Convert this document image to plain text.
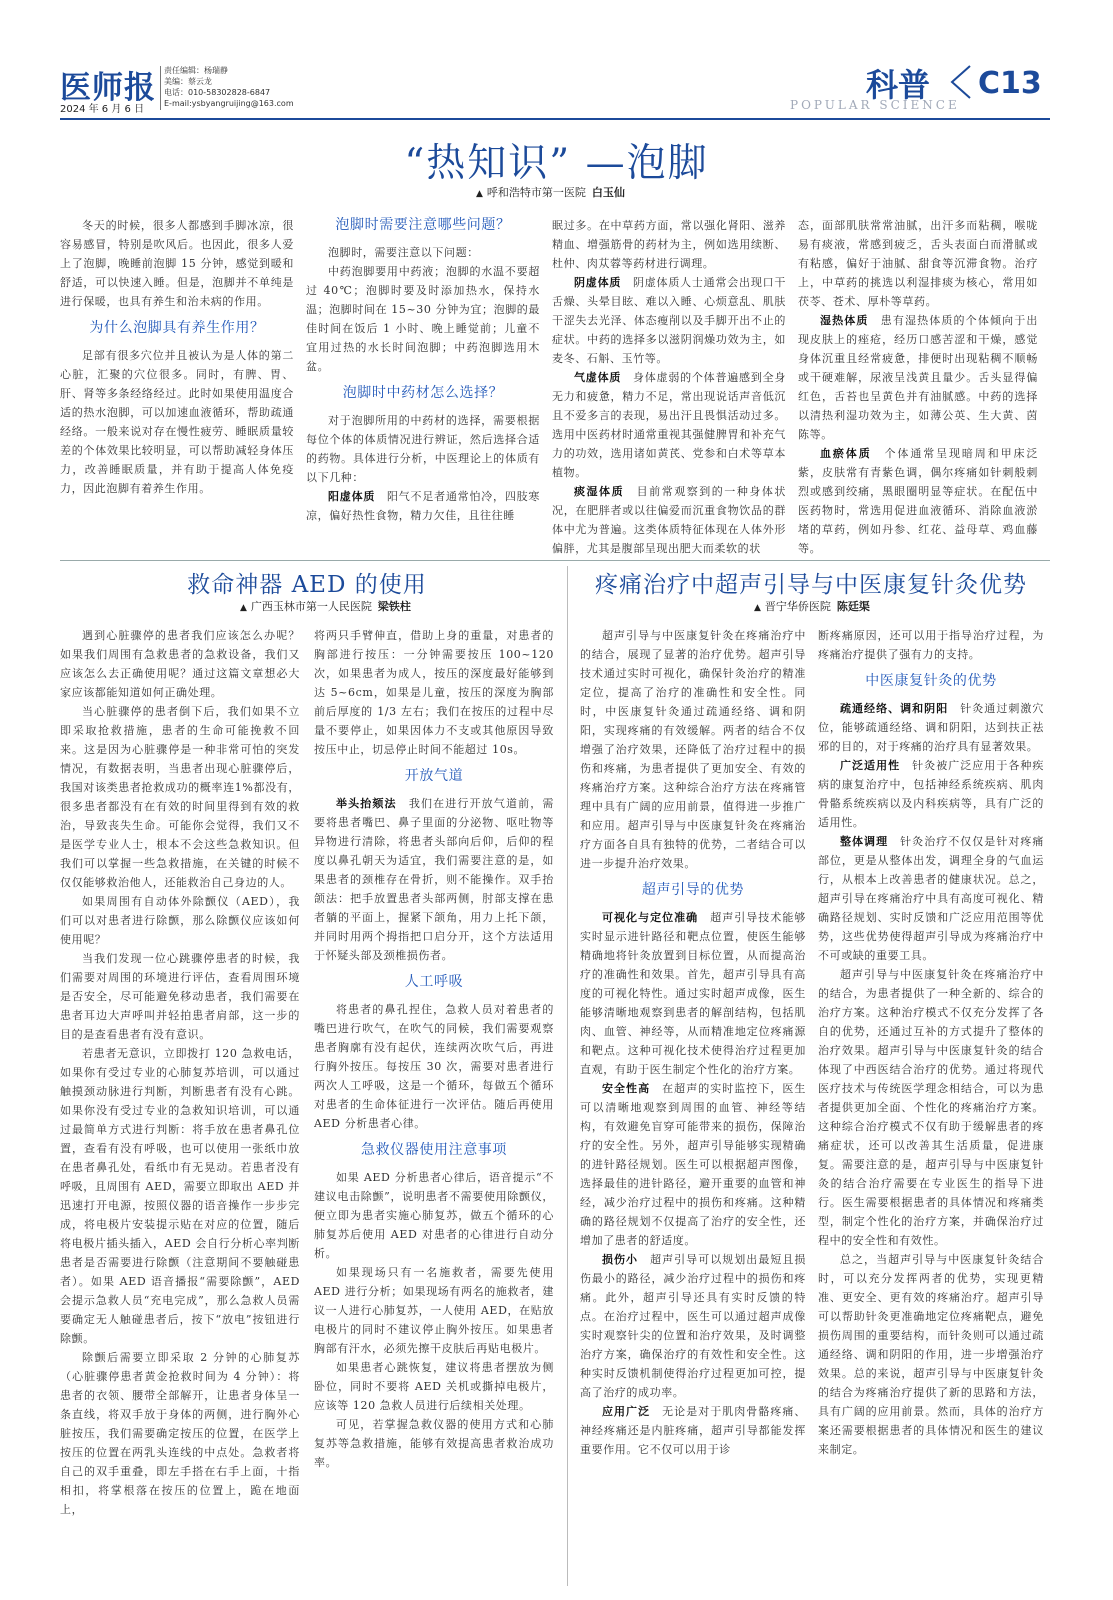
医师报
2024 年 6 月 6 日
责任编辑：杨瑞静
美编：蔡云龙
电话：010-58302828-6847
E-mail:ysbyangruijing@163.com	科普
POPULAR SCIENCE
C13
“热知识” —泡脚
▲ 呼和浩特市第一医院 白玉仙

冬天的时候，很多人都感到手脚冰凉，很容易感冒，特别是吹风后。也因此，很多人爱上了泡脚，晚睡前泡脚 15 分钟，感觉到暖和舒适，可以快速入睡。但是，泡脚并不单纯是进行保暖，也具有养生和治未病的作用。

为什么泡脚具有养生作用？

足部有很多穴位并且被认为是人体的第二心脏，汇聚的穴位很多。同时，有脾、胃、肝、肾等多条经络经过。此时如果使用温度合适的热水泡脚，可以加速血液循环，帮助疏通经络。一般来说对存在慢性疲劳、睡眠质量较差的个体效果比较明显，可以帮助减轻身体压力，改善睡眠质量，并有助于提高人体免疫力，因此泡脚有着养生作用。

泡脚时需要注意哪些问题？

泡脚时，需要注意以下问题：

中药泡脚要用中药液；泡脚的水温不要超过 40℃；泡脚时要及时添加热水，保持水温；泡脚时间在 15~30 分钟为宜；泡脚的最佳时间在饭后 1 小时、晚上睡觉前；儿童不宜用过热的水长时间泡脚；中药泡脚选用木盆。

泡脚时中药材怎么选择？

对于泡脚所用的中药材的选择，需要根据每位个体的体质情况进行辨证，然后选择合适的药物。具体进行分析，中医理论上的体质有以下几种：

阳虚体质　 阳气不足者通常怕冷，四肢寒凉，偏好热性食物，精力欠佳，且往往睡

眠过多。在中草药方面，常以强化肾阳、滋养精血、增强筋骨的药材为主，例如选用续断、杜仲、肉苁蓉等药材进行调理。

阴虚体质　 阴虚体质人士通常会出现口干舌燥、头晕目眩、难以入睡、心烦意乱、肌肤干涩失去光泽、体态瘦削以及手脚开出不止的症状。中药的选择多以滋阴润燥功效为主，如麦冬、石斛、玉竹等。

气虚体质　 身体虚弱的个体普遍感到全身无力和疲惫，精力不足，常出现说话声音低沉且不爱多言的表现，易出汗且畏惧活动过多。选用中医药材时通常重视其强健脾胃和补充气力的功效，选用诸如黄芪、党参和白术等草本植物。

痰湿体质　 目前常观察到的一种身体状况，在肥胖者或以往偏爱而沉重食物饮品的群体中尤为普遍。这类体质特征体现在人体外形偏胖，尤其是腹部呈现出肥大而柔软的状

态，面部肌肤常常油腻，出汗多而粘稠，喉咙易有痰液，常感到疲乏，舌头表面白而滑腻或有粘感，偏好于油腻、甜食等沉滞食物。治疗上，中草药的挑选以利湿排痰为核心，常用如茯苓、苍术、厚朴等草药。

湿热体质　 患有湿热体质的个体倾向于出现皮肤上的痤疮，经历口感苦涩和干燥，感觉身体沉重且经常疲惫，排便时出现粘稠不顺畅或干硬难解，尿液呈浅黄且量少。舌头显得偏红色，舌苔也呈黄色并有油腻感。中药的选择以清热利湿功效为主，如薄公英、生大黄、茵陈等。

血瘀体质　 个体通常呈现暗周和甲床泛紫，皮肤常有青紫色调，偶尔疼痛如针刺般刺烈或感到绞痛，黑眼圈明显等症状。在配伍中医药物时，常选用促进血液循环、消除血液淤堵的草药，例如丹参、红花、益母草、鸡血藤等。

救命神器 AED 的使用
▲ 广西玉林市第一人民医院 梁铁柱

遇到心脏骤停的患者我们应该怎么办呢？如果我们周围有急救患者的急救设备，我们又应该怎么去正确使用呢？通过这篇文章想必大家应该都能知道如何正确处理。

当心脏骤停的患者倒下后，我们如果不立即采取抢救措施，患者的生命可能挽救不回来。这是因为心脏骤停是一种非常可怕的突发情况，有数据表明，当患者出现心脏骤停后，我国对该类患者抢救成功的概率连1%都没有，很多患者都没有在有效的时间里得到有效的救治，导致丧失生命。可能你会觉得，我们又不是医学专业人士，根本不会这些急救知识。但我们可以掌握一些急救措施，在关键的时候不仅仅能够救治他人，还能救治自己身边的人。

如果周围有自动体外除颤仪（AED），我们可以对患者进行除颤，那么除颤仪应该如何使用呢？

当我们发现一位心跳骤停患者的时候，我们需要对周围的环境进行评估，查看周围环境是否安全，尽可能避免移动患者，我们需要在患者耳边大声呼叫并轻拍患者肩部，这一步的目的是查看患者有没有意识。

若患者无意识，立即拨打 120 急救电话，如果你有受过专业的心肺复苏培训，可以通过触摸颈动脉进行判断，判断患者有没有心跳。如果你没有受过专业的急救知识培训，可以通过最简单方式进行判断：将手放在患者鼻孔位置，查看有没有呼吸，也可以使用一张纸巾放在患者鼻孔处，看纸巾有无晃动。若患者没有呼吸，且周围有 AED，需要立即取出 AED 并迅速打开电源，按照仪器的语音操作一步步完成，将电极片安装提示贴在对应的位置，随后将电极片插头插入，AED 会自行分析心率判断患者是否需要进行除颤（注意期间不要触碰患者）。如果 AED 语音播报“需要除颤”，AED 会提示急救人员“充电完成”，那么急救人员需要确定无人触碰患者后，按下“放电”按钮进行除颤。

除颤后需要立即采取 2 分钟的心肺复苏（心脏骤停患者黄金抢救时间为 4 分钟）：将患者的衣领、腰带全部解开，让患者身体呈一条直线，将双手放于身体的两侧，进行胸外心脏按压，我们需要确定按压的位置，在医学上按压的位置在两乳头连线的中点处。急救者将自己的双手重叠，即左手搭在右手上面，十指相扣，将掌根落在按压的位置上，跪在地面上，

将两只手臂伸直，借助上身的重量，对患者的胸部进行按压：一分钟需要按压 100~120 次，如果患者为成人，按压的深度最好能够到达 5~6cm，如果是儿童，按压的深度为胸部前后厚度的 1/3 左右；我们在按压的过程中尽量不要停止，如果因体力不支或其他原因导致按压中止，切忌停止时间不能超过 10s。

开放气道

举头抬颏法　 我们在进行开放气道前，需要将患者嘴巴、鼻子里面的分泌物、呕吐物等异物进行清除，将患者头部向后仰，后仰的程度以鼻孔朝天为适宜，我们需要注意的是，如果患者的颈椎存在骨折，则不能操作。双手抬颌法：把手放置患者头部两侧，肘部支撑在患者躺的平面上，握紧下颌角，用力上托下颌，并同时用两个拇指把口启分开，这个方法适用于怀疑头部及颈椎损伤者。

人工呼吸

将患者的鼻孔捏住，急救人员对着患者的嘴巴进行吹气，在吹气的同候，我们需要观察患者胸廓有没有起伏，连续两次吹气后，再进行胸外按压。每按压 30 次，需要对患者进行两次人工呼吸，这是一个循环，每做五个循环对患者的生命体征进行一次评估。随后再使用 AED 分析患者心律。

急救仪器使用注意事项

如果 AED 分析患者心律后，语音提示“不建议电击除颤”，说明患者不需要使用除颤仪，便立即为患者实施心肺复苏，做五个循环的心肺复苏后使用 AED 对患者的心律进行自动分析。

如果现场只有一名施救者，需要先使用 AED 进行分析；如果现场有两名的施救者，建议一人进行心肺复苏，一人使用 AED，在贴放电极片的同时不建议停止胸外按压。如果患者胸部有汗水，必须先擦干皮肤后再贴电极片。

如果患者心跳恢复，建议将患者摆放为侧卧位，同时不要将 AED 关机或撕掉电极片，应该等 120 急救人员进行后续相关处理。

可见，若掌握急救仪器的使用方式和心肺复苏等急救措施，能够有效提高患者救治成功率。

疼痛治疗中超声引导与中医康复针灸优势
▲ 晋宁华侨医院 陈廷渠

超声引导与中医康复针灸在疼痛治疗中的结合，展现了显著的治疗优势。超声引导技术通过实时可视化，确保针灸治疗的精准定位，提高了治疗的准确性和安全性。同时，中医康复针灸通过疏通经络、调和阴阳，实现疼痛的有效缓解。两者的结合不仅增强了治疗效果，还降低了治疗过程中的损伤和疼痛，为患者提供了更加安全、有效的疼痛治疗方案。这种综合治疗方法在疼痛管理中具有广阔的应用前景，值得进一步推广和应用。超声引导与中医康复针灸在疼痛治疗方面各自具有独特的优势，二者结合可以进一步提升治疗效果。

超声引导的优势

可视化与定位准确　 超声引导技术能够实时显示进针路径和靶点位置，使医生能够精确地将针灸放置到目标位置，从而提高治疗的准确性和效果。首先，超声引导具有高度的可视化特性。通过实时超声成像，医生能够清晰地观察到患者的解剖结构，包括肌肉、血管、神经等，从而精准地定位疼痛源和靶点。这种可视化技术使得治疗过程更加直观，有助于医生制定个性化的治疗方案。

安全性高　 在超声的实时监控下，医生可以清晰地观察到周围的血管、神经等结构，有效避免盲穿可能带来的损伤，保障治疗的安全性。另外，超声引导能够实现精确的进针路径规划。医生可以根据超声图像，选择最佳的进针路径，避开重要的血管和神经，减少治疗过程中的损伤和疼痛。这种精确的路径规划不仅提高了治疗的安全性，还增加了患者的舒适度。

损伤小　 超声引导可以规划出最短且损伤最小的路径，减少治疗过程中的损伤和疼痛。此外，超声引导还具有实时反馈的特点。在治疗过程中，医生可以通过超声成像实时观察针尖的位置和治疗效果，及时调整治疗方案，确保治疗的有效性和安全性。这种实时反馈机制使得治疗过程更加可控，提高了治疗的成功率。

应用广泛　 无论是对于肌肉骨骼疼痛、神经疼痛还是内脏疼痛，超声引导都能发挥重要作用。它不仅可以用于诊

断疼痛原因，还可以用于指导治疗过程，为疼痛治疗提供了强有力的支持。

中医康复针灸的优势

疏通经络、调和阴阳　 针灸通过刺激穴位，能够疏通经络、调和阴阳，达到扶正祛邪的目的，对于疼痛的治疗具有显著效果。

广泛适用性　 针灸被广泛应用于各种疾病的康复治疗中，包括神经系统疾病、肌肉骨骼系统疾病以及内科疾病等，具有广泛的适用性。

整体调理　 针灸治疗不仅仅是针对疼痛部位，更是从整体出发，调理全身的气血运行，从根本上改善患者的健康状况。总之，超声引导在疼痛治疗中具有高度可视化、精确路径规划、实时反馈和广泛应用范围等优势，这些优势使得超声引导成为疼痛治疗中不可或缺的重要工具。

超声引导与中医康复针灸在疼痛治疗中的结合，为患者提供了一种全新的、综合的治疗方案。这种治疗模式不仅充分发挥了各自的优势，还通过互补的方式提升了整体的治疗效果。超声引导与中医康复针灸的结合体现了中西医结合治疗的优势。通过将现代医疗技术与传统医学理念相结合，可以为患者提供更加全面、个性化的疼痛治疗方案。这种综合治疗模式不仅有助于缓解患者的疼痛症状，还可以改善其生活质量，促进康复。需要注意的是，超声引导与中医康复针灸的结合治疗需要在专业医生的指导下进行。医生需要根据患者的具体情况和疼痛类型，制定个性化的治疗方案，并确保治疗过程中的安全性和有效性。

总之，当超声引导与中医康复针灸结合时，可以充分发挥两者的优势，实现更精准、更安全、更有效的疼痛治疗。超声引导可以帮助针灸更准确地定位疼痛靶点，避免损伤周围的重要结构，而针灸则可以通过疏通经络、调和阴阳的作用，进一步增强治疗效果。总的来说，超声引导与中医康复针灸的结合为疼痛治疗提供了新的思路和方法，具有广阔的应用前景。然而，具体的治疗方案还需要根据患者的具体情况和医生的建议来制定。
